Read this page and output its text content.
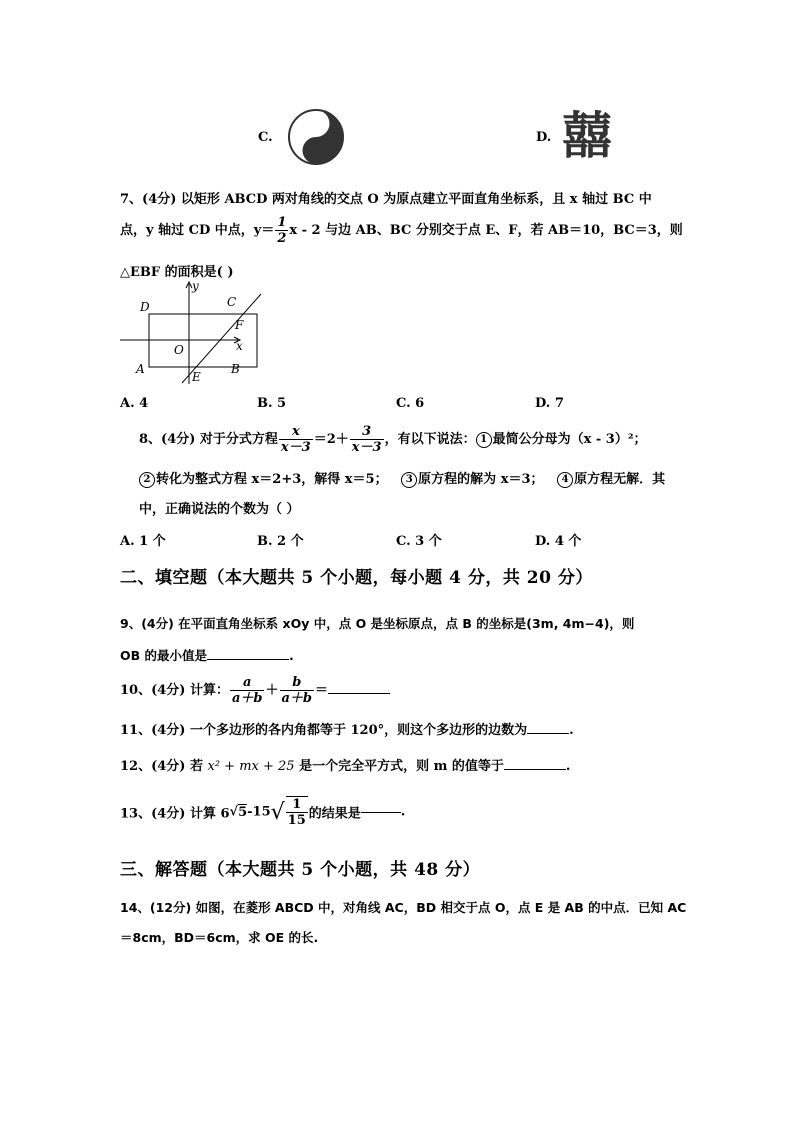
C.	D. 囍
7、(4分) 以矩形 ABCD 两对角线的交点 O 为原点建立平面直角坐标系，且 x 轴过 BC 中
点，y 轴过 CD 中点，$y= \frac{1}{2}$ x - 2 与边 AB、BC 分别交于点 E、F，若 AB＝10，BC＝3，则
△EBF 的面积是( )
D	C
F
O	x
y
A
E
B
A. 4	B. 5	C. 6	D. 7
8、(4分) 对于分式方程 $\frac{x}{x-3} =2+ \frac{3}{x-3}$ ，有以下说法： 1 最简公分母为（x - 3）²；
2 转化为整式方程 x＝2+3，解得 x＝5； 3 原方程的解为 x＝3； 4 原方程无解．其
中，正确说法的个数为（ ）
A. 1 个	B. 2 个	C. 3 个	D. 4 个
二、填空题（本大题共 5 个小题，每小题 4 分，共 20 分）
9、(4分) 在平面直角坐标系 xOy 中，点 O 是坐标原点，点 B 的坐标是(3m, 4m−4)，则
OB 的最小值是	.
10、(4分) 计算： $\frac{a}{a+b} + \frac{b}{a+b}$ ＝
11、(4分) 一个多边形的各内角都等于 120°，则这个多边形的边数为	.
12、(4分) 若 x² + mx + 25 是一个完全平方式，则 m 的值等于	.
13、(4分) 计算 $6√5-15√ \frac{1}{15}$ 的结果是	.
三、解答题（本大题共 5 个小题，共 48 分）
14、(12分) 如图，在菱形 ABCD 中，对角线 AC，BD 相交于点 O，点 E 是 AB 的中点．已知 AC
＝8cm，BD＝6cm，求 OE 的长.
